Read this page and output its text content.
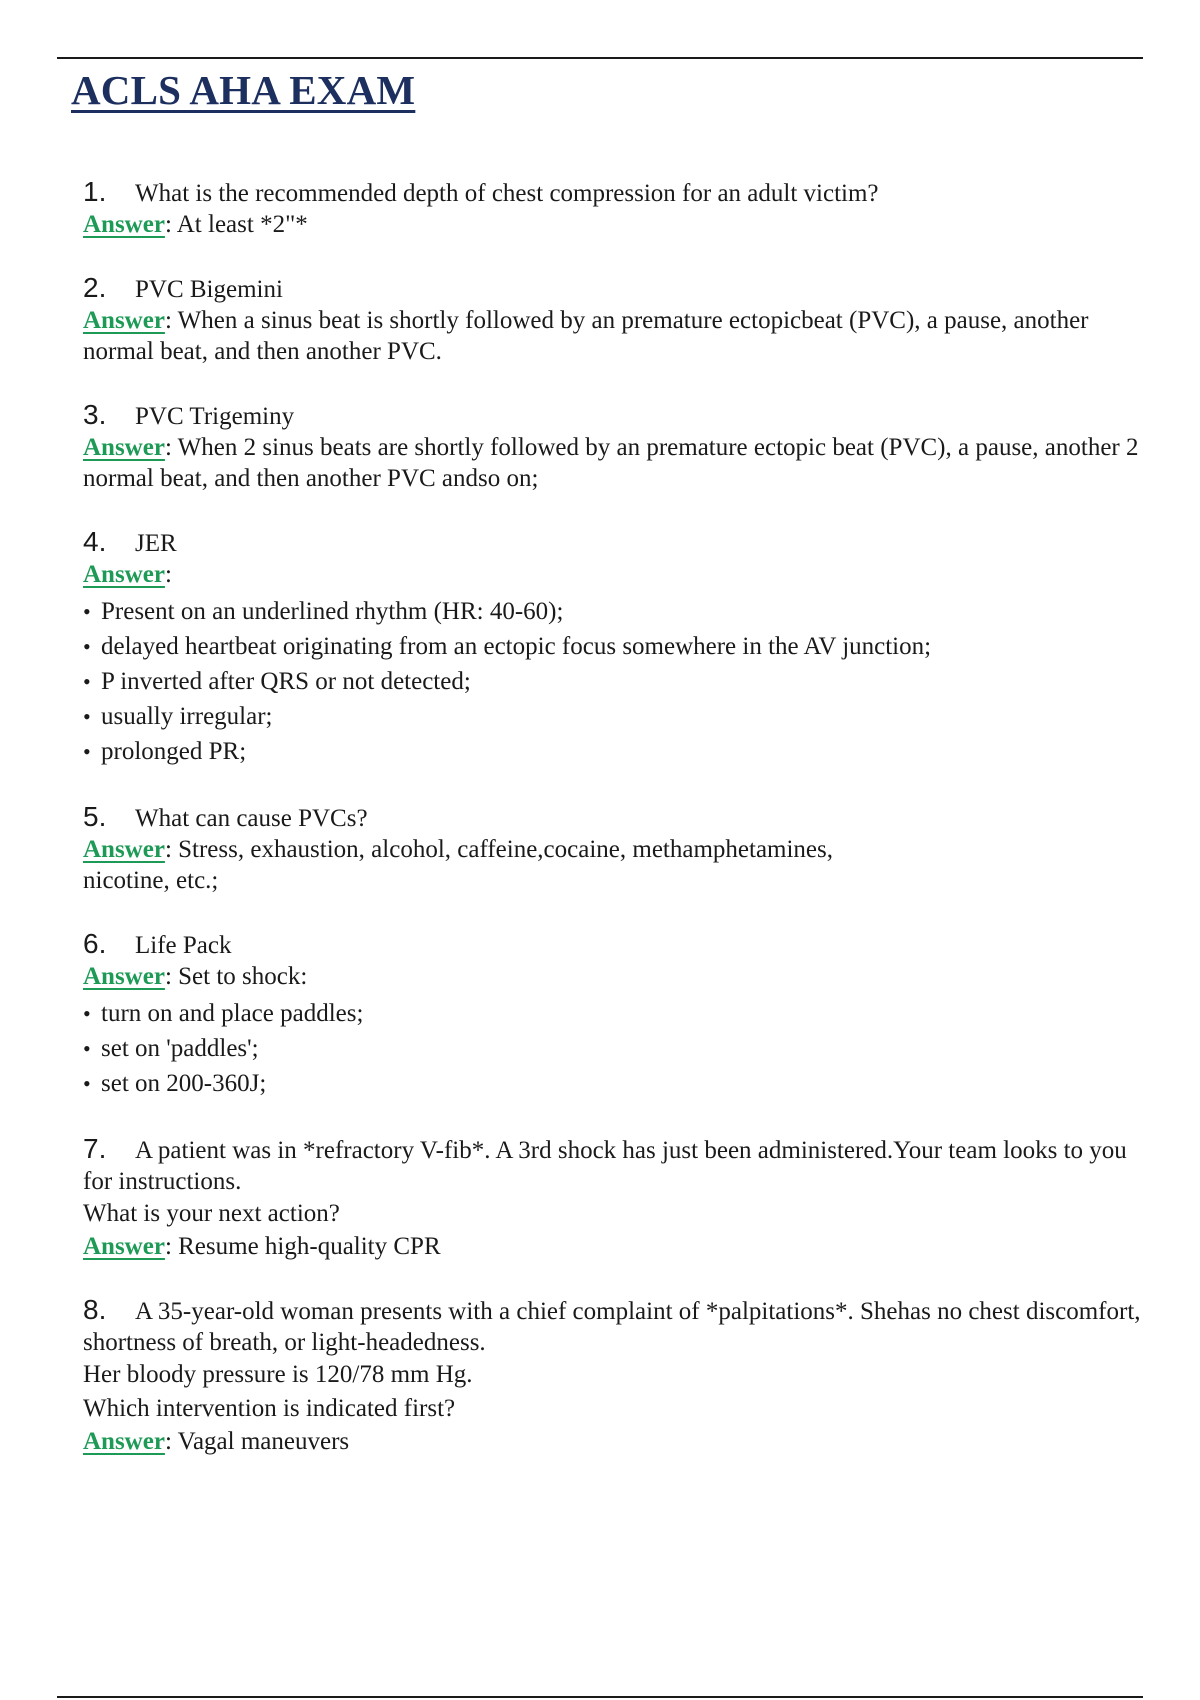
ACLS AHA EXAM
1. What is the recommended depth of chest compression for an adult victim?
Answer: At least *2"*
2. PVC Bigemini
Answer: When a sinus beat is shortly followed by an premature ectopicbeat (PVC), a pause, another normal beat, and then another PVC.
3. PVC Trigeminy
Answer: When 2 sinus beats are shortly followed by an premature ectopic beat (PVC), a pause, another 2 normal beat, and then another PVC andso on;
4. JER
Answer:
• Present on an underlined rhythm (HR: 40-60);
• delayed heartbeat originating from an ectopic focus somewhere in the AV junction;
• P inverted after QRS or not detected;
• usually irregular;
• prolonged PR;
5. What can cause PVCs?
Answer: Stress, exhaustion, alcohol, caffeine,cocaine, methamphetamines,
nicotine, etc.;
6. Life Pack
Answer: Set to shock:
• turn on and place paddles;
• set on 'paddles';
• set on 200-360J;
7. A patient was in *refractory V-fib*. A 3rd shock has just been administered.Your team looks to you for instructions.
What is your next action?
Answer: Resume high-quality CPR
8. A 35-year-old woman presents with a chief complaint of *palpitations*. Shehas no chest discomfort, shortness of breath, or light-headedness.
Her bloody pressure is 120/78 mm Hg.
Which intervention is indicated first?
Answer: Vagal maneuvers
